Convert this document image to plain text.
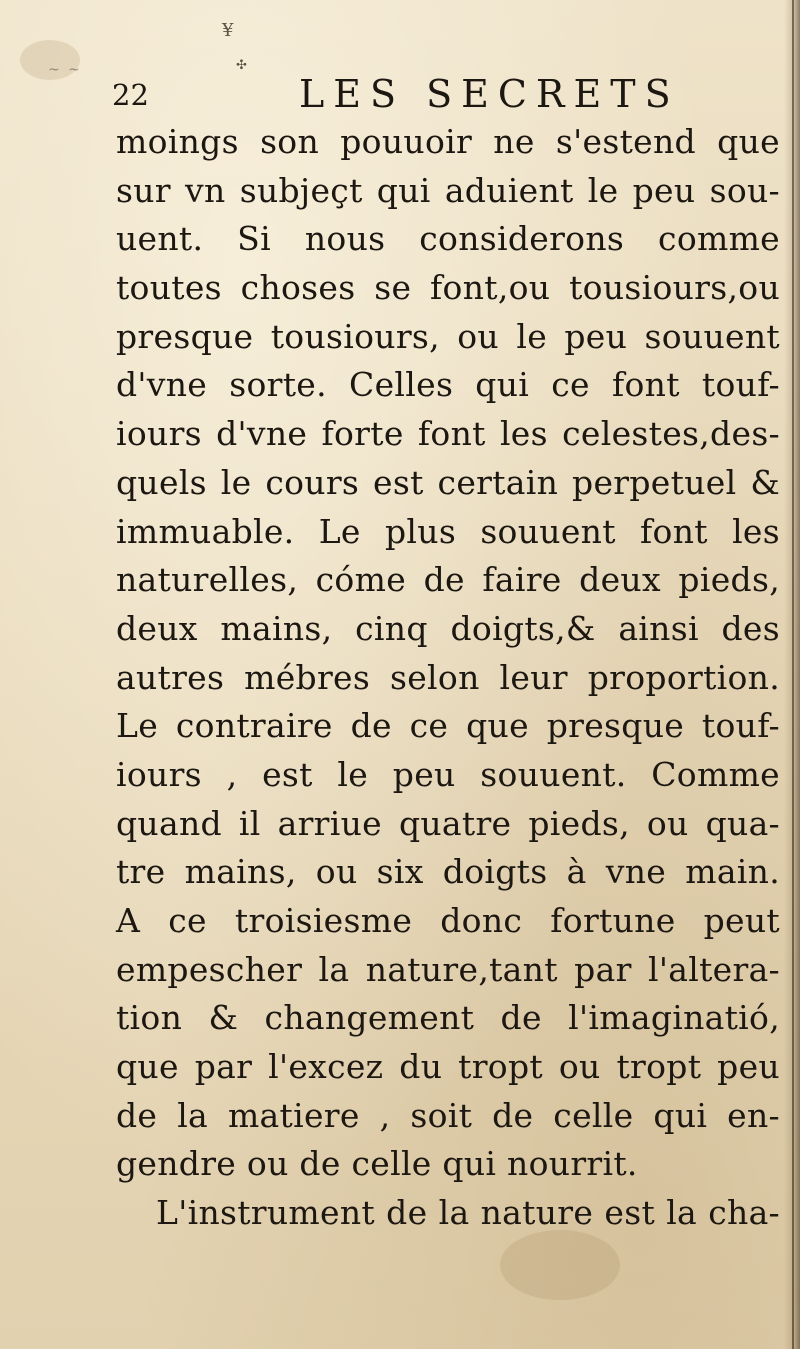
¥
✣
~ ~
22	LES SECRETS
moings son pouuoir ne s'estend que
sur vn subjeçt qui aduient le peu sou-
uent. Si nous considerons comme
toutes choses se font,ou tousiours,ou
presque tousiours, ou le peu souuent
d'vne sorte. Celles qui ce font touf-
iours d'vne forte font les celestes,des-
quels le cours est certain perpetuel &
immuable. Le plus souuent font les
naturelles, cóme de faire deux pieds,
deux mains, cinq doigts,& ainsi des
autres mébres selon leur proportion.
Le contraire de ce que presque touf-
iours , est le peu souuent. Comme
quand il arriue quatre pieds, ou qua-
tre mains, ou six doigts à vne main.
A ce troisiesme donc fortune peut
empescher la nature,tant par l'altera-
tion & changement de l'imaginatió,
que par l'excez du tropt ou tropt peu
de la matiere , soit de celle qui en-
gendre ou de celle qui nourrit.
L'instrument de la nature est la cha-
